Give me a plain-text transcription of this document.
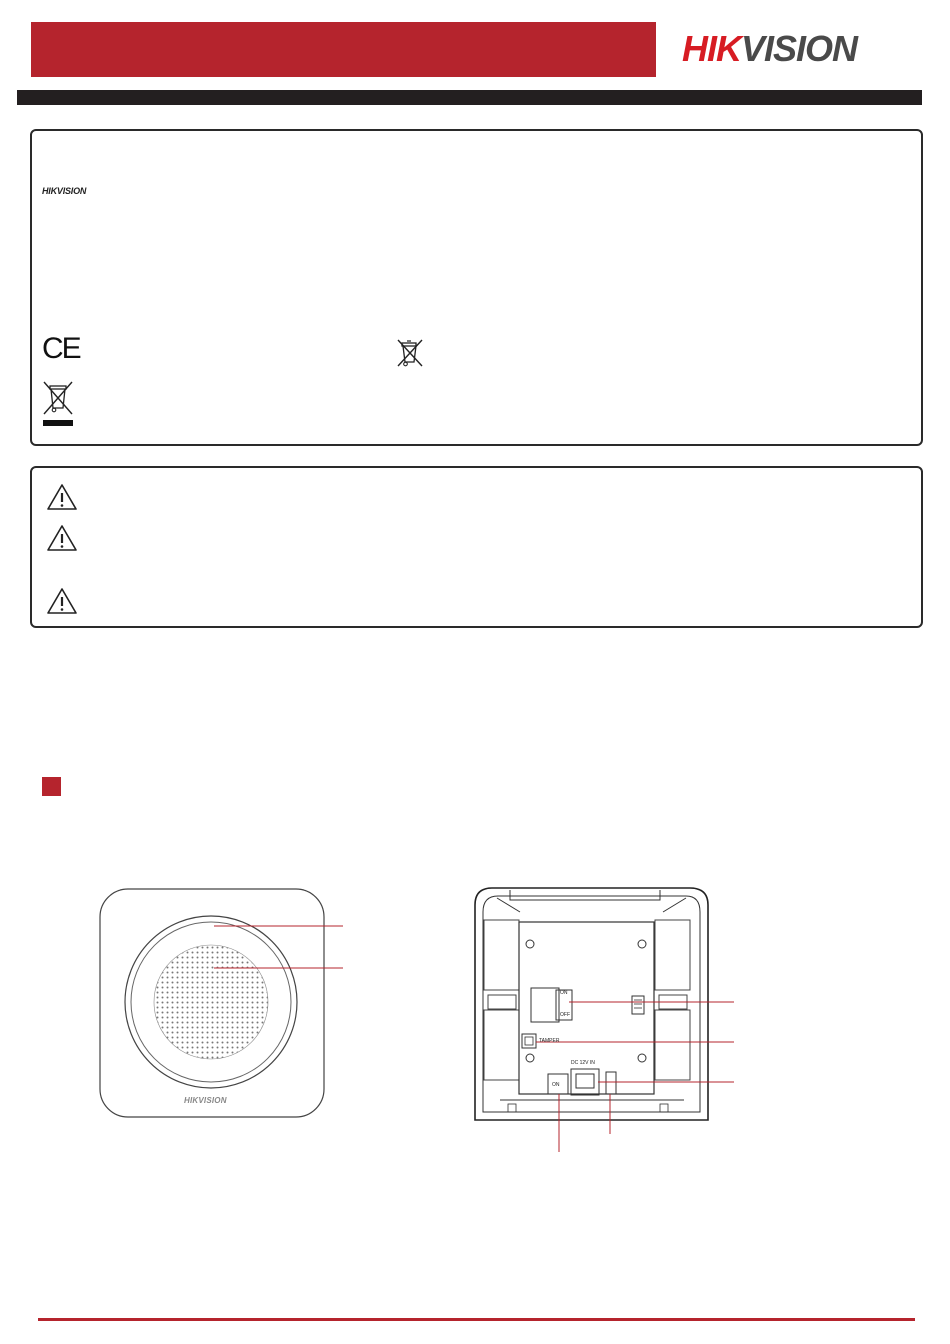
HIKVISION
HIKVISION
CE
HIKVISION
ON
OFF
TAMPER
DC 12V IN
ON
